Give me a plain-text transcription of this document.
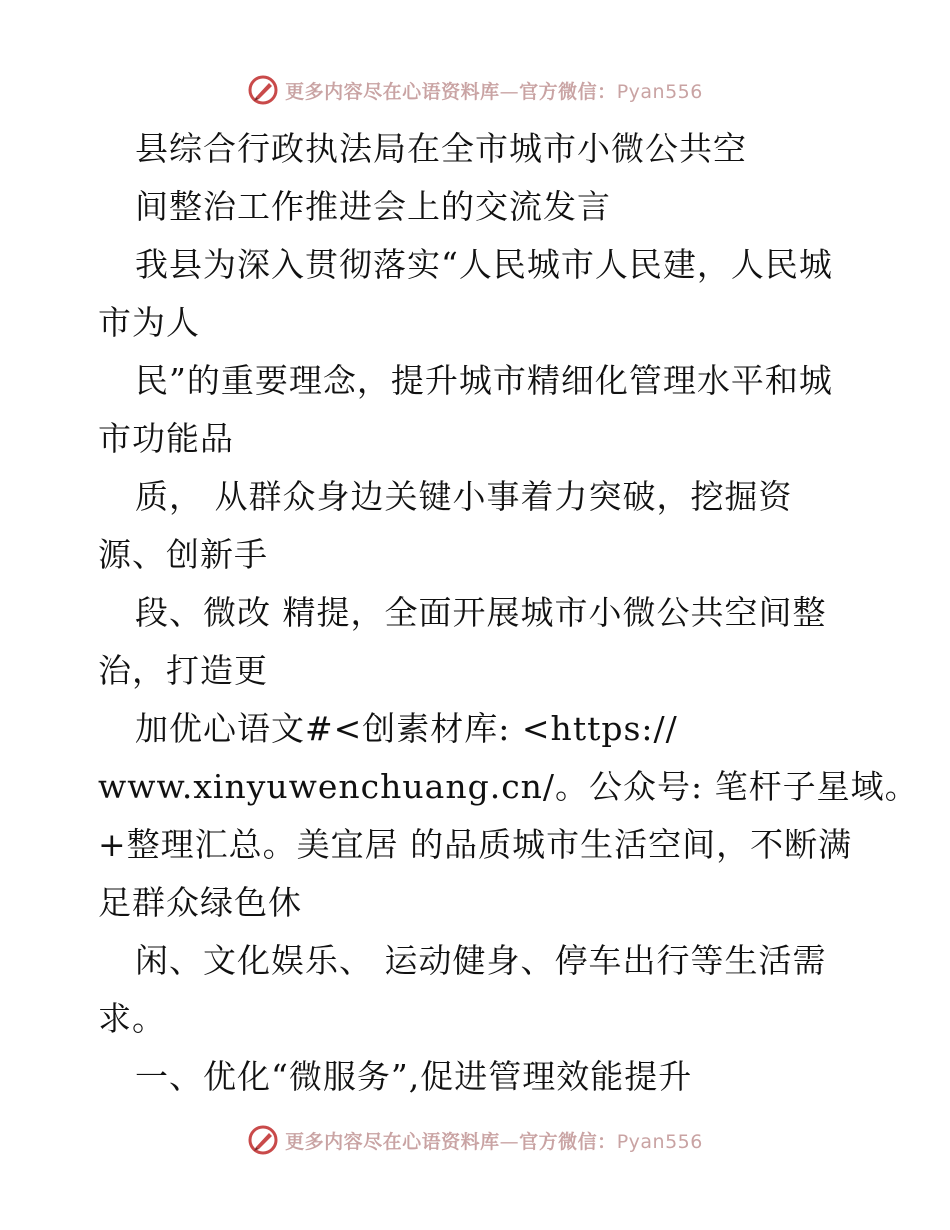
更多内容尽在心语资料库—官方微信：Pyan556
县综合行政执法局在全市城市小微公共空
间整治工作推进会上的交流发言
我县为深入贯彻落实“人民城市人民建，人民城
市为人
民”的重要理念，提升城市精细化管理水平和城
市功能品
质， 从群众身边关键小事着力突破，挖掘资
源、创新手
段、微改 精提，全面开展城市小微公共空间整
治，打造更
加优心语文#<创素材库: <https://
www.xinyuwenchuang.cn/。公众号: 笔杆子星域。
+整理汇总。美宜居 的品质城市生活空间，不断满
足群众绿色休
闲、文化娱乐、 运动健身、停车出行等生活需
求。
一、优化“微服务”,促进管理效能提升
更多内容尽在心语资料库—官方微信：Pyan556
